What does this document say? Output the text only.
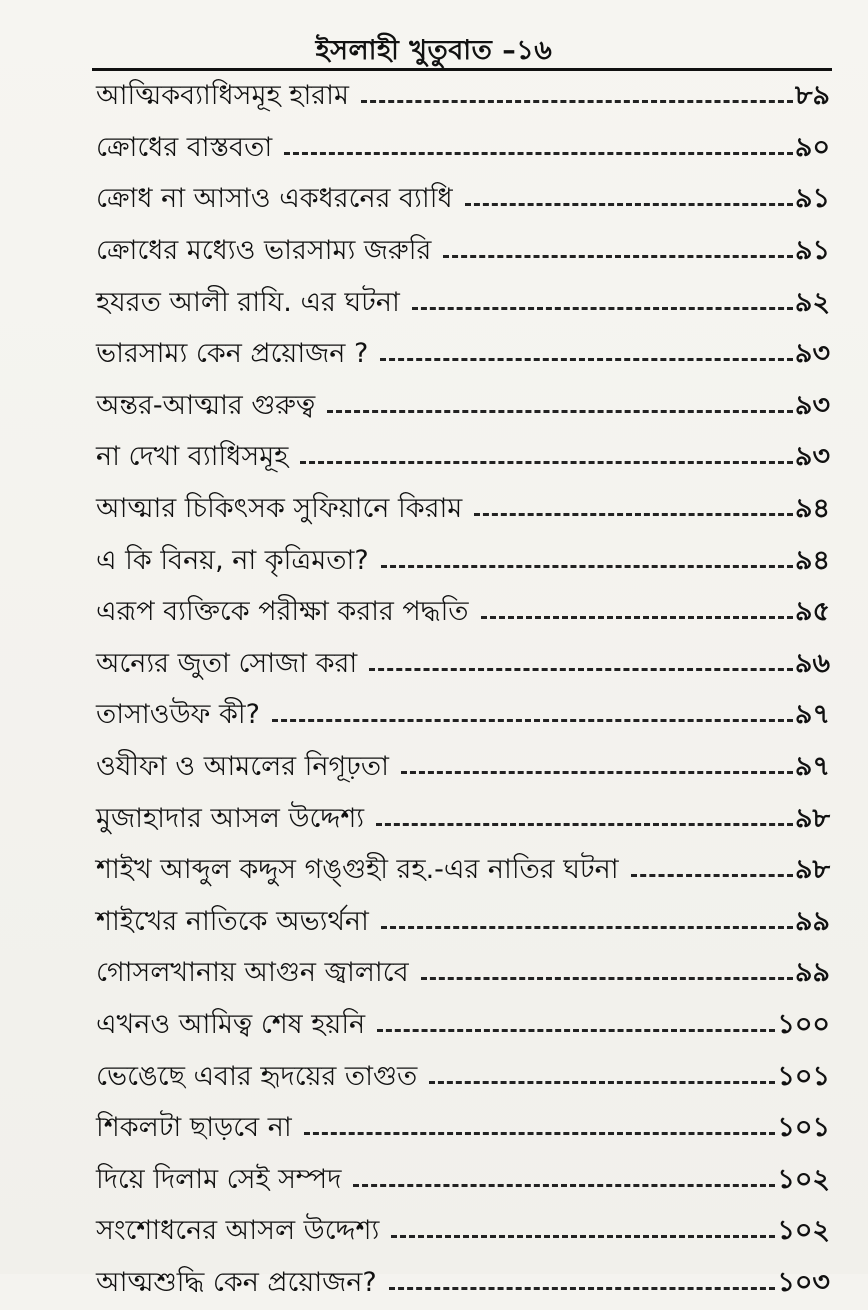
ইসলাহী খুতুবাত –১৬
আত্মিকব্যাধিসমূহ হারাম	৮৯
ক্রোধের বাস্তবতা	৯০
ক্রোধ না আসাও একধরনের ব্যাধি	৯১
ক্রোধের মধ্যেও ভারসাম্য জরুরি	৯১
হযরত আলী রাযি. এর ঘটনা	৯২
ভারসাম্য কেন প্রয়োজন ?	৯৩
অন্তর-আত্মার গুরুত্ব	৯৩
না দেখা ব্যাধিসমূহ	৯৩
আত্মার চিকিৎসক সুফিয়ানে কিরাম	৯৪
এ কি বিনয়, না কৃত্রিমতা?	৯৪
এরূপ ব্যক্তিকে পরীক্ষা করার পদ্ধতি	৯৫
অন্যের জুতা সোজা করা	৯৬
তাসাওউফ কী?	৯৭
ওযীফা ও আমলের নিগূঢ়তা	৯৭
মুজাহাদার আসল উদ্দেশ্য	৯৮
শাইখ আব্দুল কদ্দুস গঙ্গুহী রহ.-এর নাতির ঘটনা	৯৮
শাইখের নাতিকে অভ্যর্থনা	৯৯
গোসলখানায় আগুন জ্বালাবে	৯৯
এখনও আমিত্ব শেষ হয়নি	১০০
ভেঙেছে এবার হৃদয়ের তাগুত	১০১
শিকলটা ছাড়বে না	১০১
দিয়ে দিলাম সেই সম্পদ	১০২
সংশোধনের আসল উদ্দেশ্য	১০২
আত্মশুদ্ধি কেন প্রয়োজন?	১০৩
